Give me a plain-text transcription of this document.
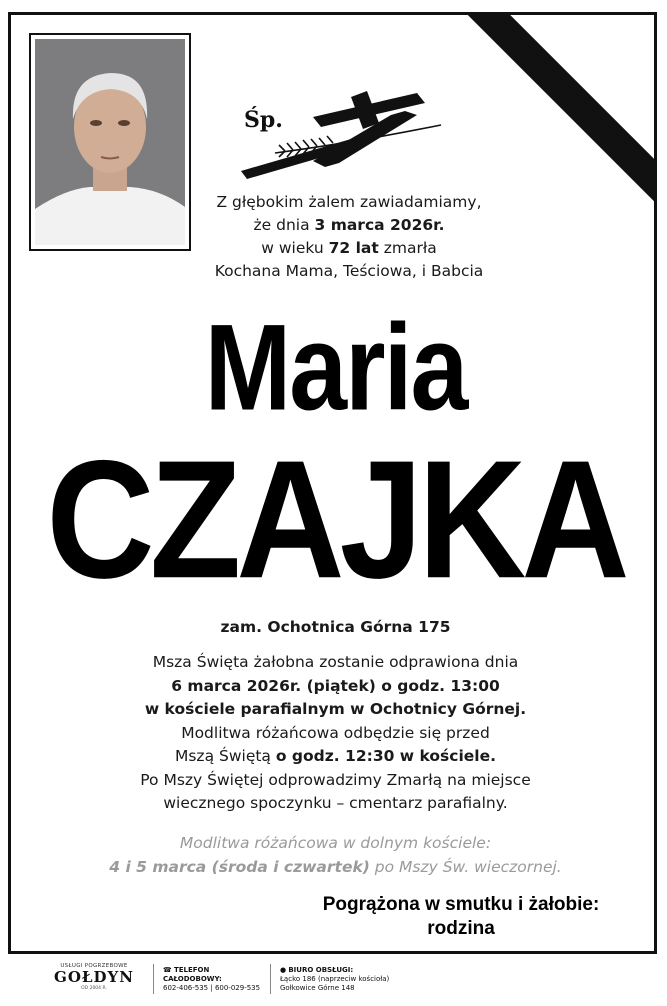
Śp.
Z głębokim żalem zawiadamiamy,
że dnia 3 marca 2026r.
w wieku 72 lat zmarła
Kochana Mama, Teściowa, i Babcia
Maria
CZAJKA
zam. Ochotnica Górna 175
Msza Święta żałobna zostanie odprawiona dnia
6 marca 2026r. (piątek) o godz. 13:00
w kościele parafialnym w Ochotnicy Górnej.
Modlitwa różańcowa odbędzie się przed
Mszą Świętą o godz. 12:30 w kościele.
Po Mszy Świętej odprowadzimy Zmarłą na miejsce
wiecznego spoczynku – cmentarz parafialny.
Modlitwa różańcowa w dolnym kościele:
4 i 5 marca (środa i czwartek) po Mszy Św. wieczornej.
Pogrążona w smutku i żałobie:
rodzina
USŁUGI POGRZEBOWE
GOŁDYN
OD 2004 R.
☎ TELEFON CAŁODOBOWY:
602-406-535 | 600-029-535
● BIURO OBSŁUGI:
Łącko 186 (naprzeciw kościoła)
Gołkowice Górne 148
